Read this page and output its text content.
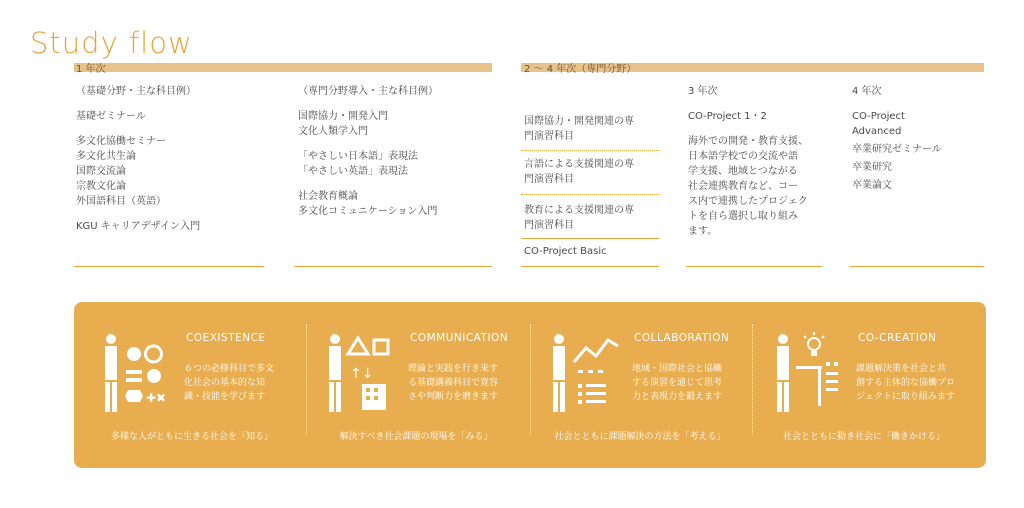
Study flow
1 年次	2 〜 4 年次（専門分野）
（基礎分野・主な科目例）
基礎ゼミナール
多文化協働セミナー
多文化共生論
国際交流論
宗教文化論
外国語科目（英語）
KGU キャリアデザイン入門
（専門分野導入・主な科目例）
国際協力・開発入門
文化人類学入門
「やさしい日本語」表現法
「やさしい英語」表現法
社会教育概論
多文化コミュニケーション入門
国際協力・開発関連の専
門演習科目
言語による支援関連の専
門演習科目
教育による支援関連の専
門演習科目
CO-Project Basic
3 年次
CO-Project 1・2
海外での開発・教育支援、
日本語学校での交流や語
学支援、地域とつながる
社会連携教育など、コー
ス内で連携したプロジェク
トを自ら選択し取り組み
ます。
4 年次
CO-Project
Advanced
卒業研究ゼミナール
卒業研究
卒業論文
✚✖
COEXISTENCE
６つの必修科目で多文
化社会の基本的な知
識・技能を学びます
多様な人がともに生きる社会を「知る」
↑↓
COMMUNICATION
理論と実践を行き来す
る基礎講義科目で寛容
さや判断力を磨きます
解決すべき社会課題の現場を「みる」
COLLABORATION
地域・国際社会と協働
する演習を通じて思考
力と表現力を鍛えます
社会とともに課題解決の方法を「考える」
CO-CREATION
課題解決策を社会と共
創する主体的な協働プロ
ジェクトに取り組みます
社会とともに動き社会に「働きかける」
